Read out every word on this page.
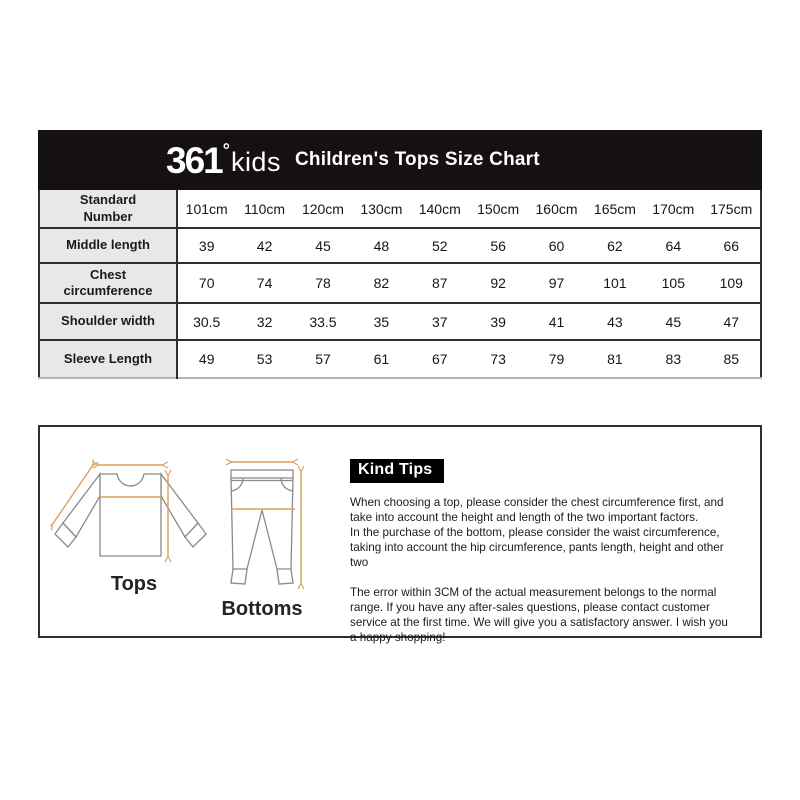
361 ° kids Children's Tops Size Chart
Standard Number	101cm	110cm	120cm	130cm	140cm	150cm	160cm	165cm	170cm	175cm
Middle length	39	42	45	48	52	56	60	62	64	66
Chest circumference	70	74	78	82	87	92	97	101	105	109
Shoulder width	30.5	32	33.5	35	37	39	41	43	45	47
Sleeve Length	49	53	57	61	67	73	79	81	83	85
Tops
Bottoms
Kind Tips
When choosing a top, please consider the chest circumference first, and take into account the height and length of the two important factors.
In the purchase of the bottom, please consider the waist circumference, taking into account the hip circumference, pants length, height and other two
The error within 3CM of the actual measurement belongs to the normal range. If you have any after-sales questions, please contact customer service at the first time. We will give you a satisfactory answer. I wish you a happy shopping!
